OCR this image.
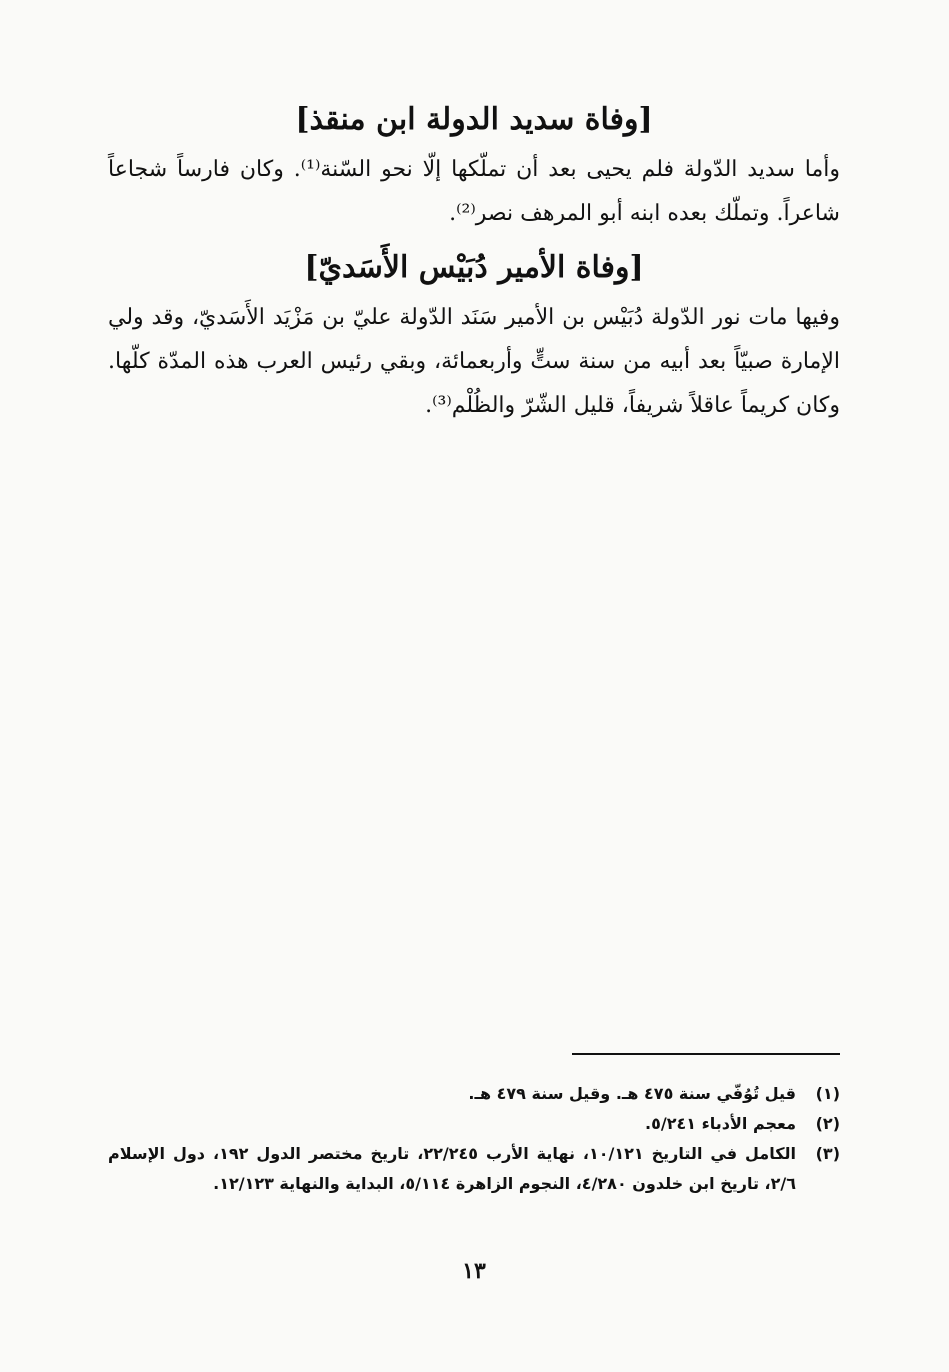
[وفاة سديد الدولة ابن منقذ]

وأما سديد الدّولة فلم يحيى بعد أن تملّكها إلّا نحو السّنة⁽¹⁾. وكان فارساً شجاعاً شاعراً. وتملّك بعده ابنه أبو المرهف نصر⁽²⁾.

[وفاة الأمير دُبَيْس الأَسَديّ]

وفيها مات نور الدّولة دُبَيْس بن الأمير سَنَد الدّولة عليّ بن مَزْيَد الأَسَديّ، وقد ولي الإمارة صبيّاً بعد أبيه من سنة ستٍّ وأربعمائة، وبقي رئيس العرب هذه المدّة كلّها. وكان كريماً عاقلاً شريفاً، قليل الشّرّ والظُلْم⁽³⁾.

(١)
قيل تُوُفّي سنة ٤٧٥ هـ. وقيل سنة ٤٧٩ هـ.
(٢)
معجم الأدباء ٥/٢٤١.
(٣)
الكامل في التاريخ ١٠/١٢١، نهاية الأرب ٢٢/٢٤٥، تاريخ مختصر الدول ١٩٢، دول الإسلام ٢/٦، تاريخ ابن خلدون ٤/٢٨٠، النجوم الزاهرة ٥/١١٤، البداية والنهاية ١٢/١٢٣.
١٣
